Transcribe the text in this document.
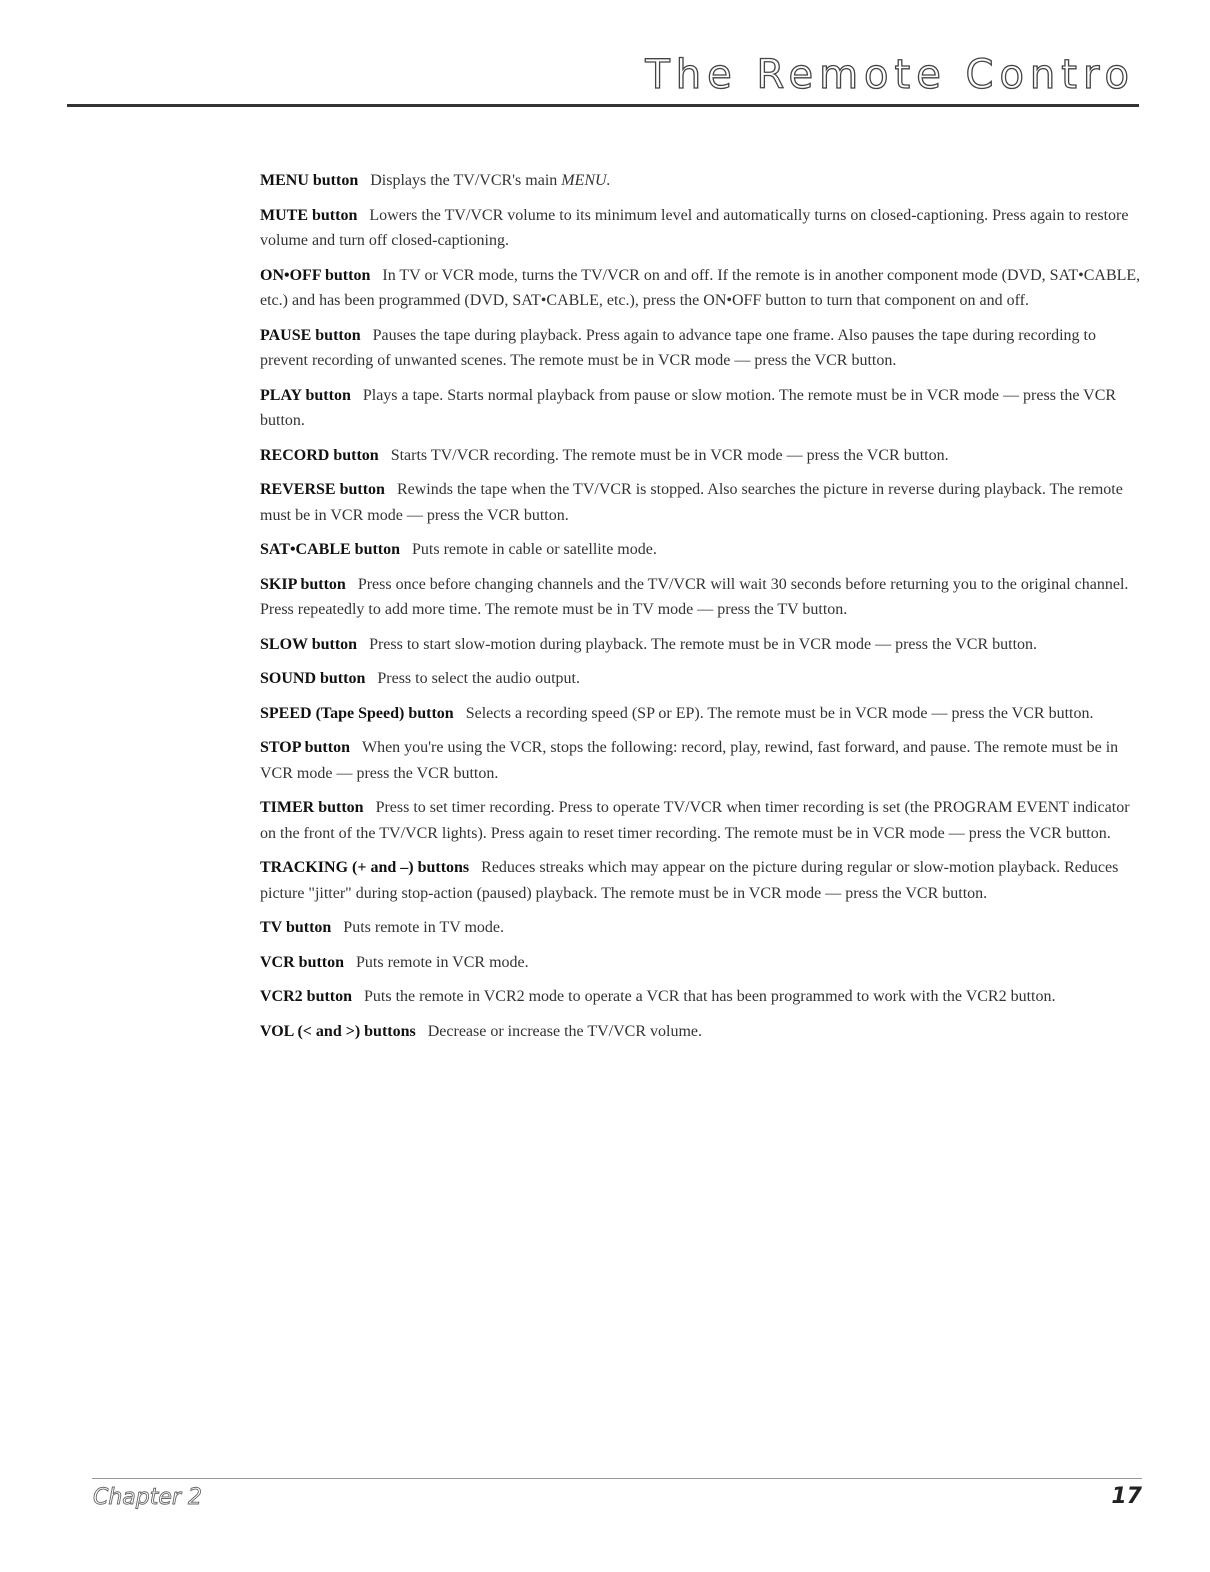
The Remote Contro

MENU button Displays the TV/VCR's main MENU.

MUTE button Lowers the TV/VCR volume to its minimum level and automatically turns on closed-captioning. Press again to restore volume and turn off closed-captioning.

ON•OFF button In TV or VCR mode, turns the TV/VCR on and off. If the remote is in another component mode (DVD, SAT•CABLE, etc.) and has been programmed (DVD, SAT•CABLE, etc.), press the ON•OFF button to turn that component on and off.

PAUSE button Pauses the tape during playback. Press again to advance tape one frame. Also pauses the tape during recording to prevent recording of unwanted scenes. The remote must be in VCR mode — press the VCR button.

PLAY button Plays a tape. Starts normal playback from pause or slow motion. The remote must be in VCR mode — press the VCR button.

RECORD button Starts TV/VCR recording. The remote must be in VCR mode — press the VCR button.

REVERSE button Rewinds the tape when the TV/VCR is stopped. Also searches the picture in reverse during playback. The remote must be in VCR mode — press the VCR button.

SAT•CABLE button Puts remote in cable or satellite mode.

SKIP button Press once before changing channels and the TV/VCR will wait 30 seconds before returning you to the original channel. Press repeatedly to add more time. The remote must be in TV mode — press the TV button.

SLOW button Press to start slow-motion during playback. The remote must be in VCR mode — press the VCR button.

SOUND button Press to select the audio output.

SPEED (Tape Speed) button Selects a recording speed (SP or EP). The remote must be in VCR mode — press the VCR button.

STOP button When you're using the VCR, stops the following: record, play, rewind, fast forward, and pause. The remote must be in VCR mode — press the VCR button.

TIMER button Press to set timer recording. Press to operate TV/VCR when timer recording is set (the PROGRAM EVENT indicator on the front of the TV/VCR lights). Press again to reset timer recording. The remote must be in VCR mode — press the VCR button.

TRACKING (+ and –) buttons Reduces streaks which may appear on the picture during regular or slow-motion playback. Reduces picture "jitter" during stop-action (paused) playback. The remote must be in VCR mode — press the VCR button.

TV button Puts remote in TV mode.

VCR button Puts remote in VCR mode.

VCR2 button Puts the remote in VCR2 mode to operate a VCR that has been programmed to work with the VCR2 button.

VOL (< and >) buttons Decrease or increase the TV/VCR volume.

Chapter 2	17
